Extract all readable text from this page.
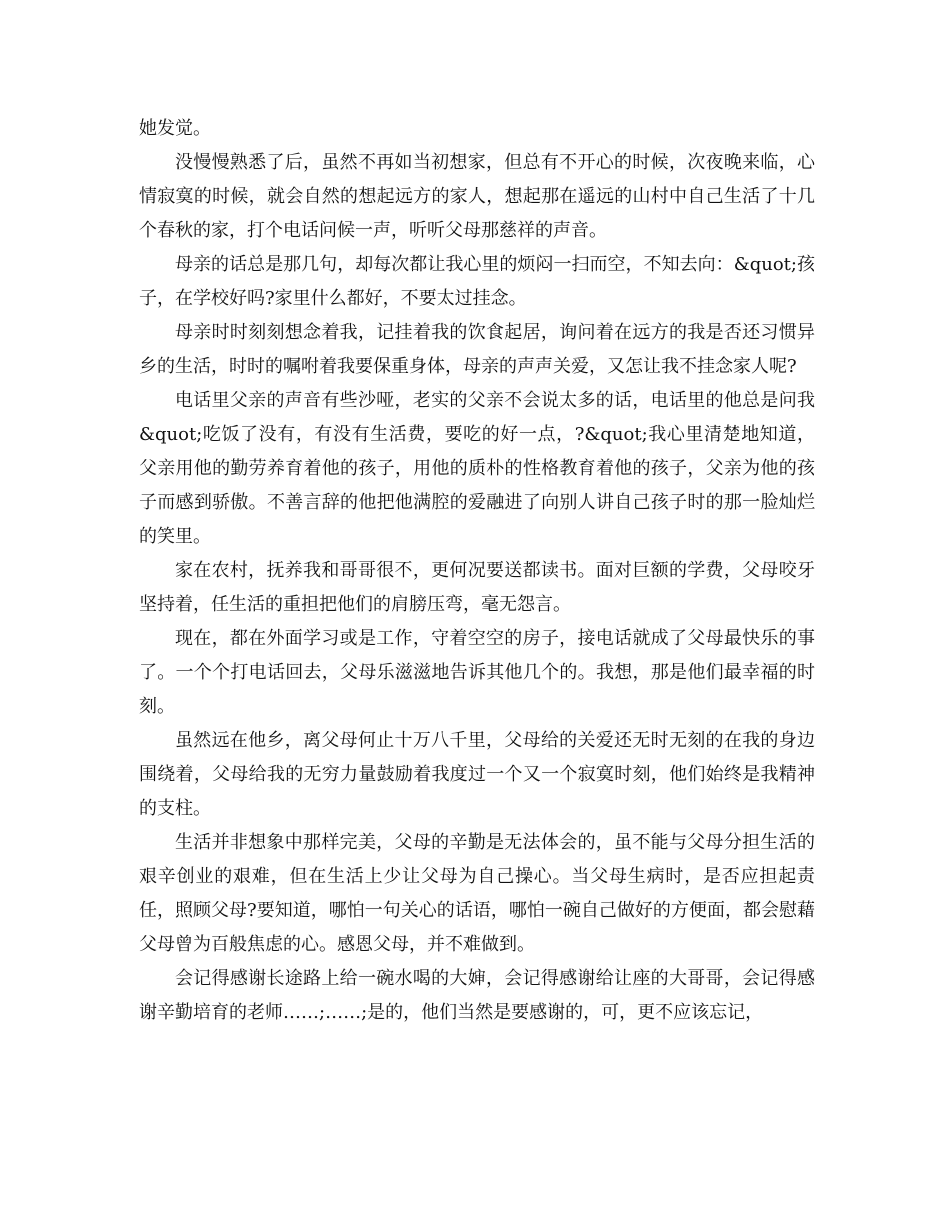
她发觉。

没慢慢熟悉了后，虽然不再如当初想家，但总有不开心的时候，次夜晚来临，心情寂寞的时候，就会自然的想起远方的家人，想起那在遥远的山村中自己生活了十几个春秋的家，打个电话问候一声，听听父母那慈祥的声音。

母亲的话总是那几句，却每次都让我心里的烦闷一扫而空，不知去向：&quot;孩子，在学校好吗?家里什么都好，不要太过挂念。

母亲时时刻刻想念着我，记挂着我的饮食起居，询问着在远方的我是否还习惯异乡的生活，时时的嘱咐着我要保重身体，母亲的声声关爱，又怎让我不挂念家人呢?

电话里父亲的声音有些沙哑，老实的父亲不会说太多的话，电话里的他总是问我&quot;吃饭了没有，有没有生活费，要吃的好一点，?&quot;我心里清楚地知道，父亲用他的勤劳养育着他的孩子，用他的质朴的性格教育着他的孩子，父亲为他的孩子而感到骄傲。不善言辞的他把他满腔的爱融进了向别人讲自己孩子时的那一脸灿烂的笑里。

家在农村，抚养我和哥哥很不，更何况要送都读书。面对巨额的学费，父母咬牙坚持着，任生活的重担把他们的肩膀压弯，毫无怨言。

现在，都在外面学习或是工作，守着空空的房子，接电话就成了父母最快乐的事了。一个个打电话回去，父母乐滋滋地告诉其他几个的。我想，那是他们最幸福的时刻。

虽然远在他乡，离父母何止十万八千里，父母给的关爱还无时无刻的在我的身边围绕着，父母给我的无穷力量鼓励着我度过一个又一个寂寞时刻，他们始终是我精神的支柱。

生活并非想象中那样完美，父母的辛勤是无法体会的，虽不能与父母分担生活的艰辛创业的艰难，但在生活上少让父母为自己操心。当父母生病时，是否应担起责任，照顾父母?要知道，哪怕一句关心的话语，哪怕一碗自己做好的方便面，都会慰藉父母曾为百般焦虑的心。感恩父母，并不难做到。

会记得感谢长途路上给一碗水喝的大婶，会记得感谢给让座的大哥哥，会记得感谢辛勤培育的老师……;……;是的，他们当然是要感谢的，可，更不应该忘记，
